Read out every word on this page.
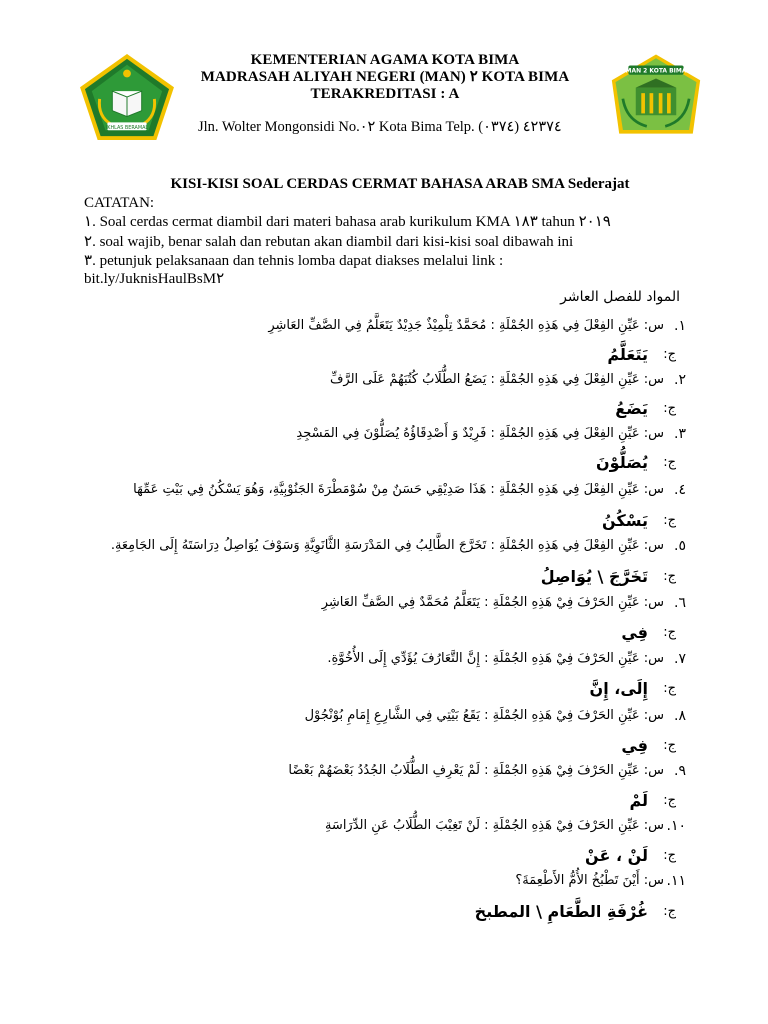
IKHLAS BERAMAL
KEMENTERIAN AGAMA KOTA BIMA
MADRASAH ALIYAH NEGERI (MAN) ٢ KOTA BIMA
TERAKREDITASI : A
Jln. Wolter Mongonsidi No.٠٢ Kota Bima Telp. (٠٣٧٤) ٤٢٣٧٤
MAN 2 KOTA BIMA
KISI-KISI SOAL CERDAS CERMAT BAHASA ARAB SMA Sederajat
CATATAN:
١. Soal cerdas cermat diambil dari materi bahasa arab kurikulum KMA ١٨٣ tahun ٢٠١٩
٢. soal wajib, benar salah dan rebutan akan diambil dari kisi-kisi soal dibawah ini
٣. petunjuk pelaksanaan dan tehnis lomba dapat diakses melalui link :
bit.ly/JuknisHaulBsM٢
المواد للفصل العاشر
١.
س: عَيِّنِ الفِعْلَ فِي هَذِهِ الجُمْلَةِ : مُحَمَّدٌ تِلْمِيْذٌ جَدِيْدٌ يَتَعَلَّمُ فِي الصَّفِّ العَاشِرِ
ج:
يَتَعَلَّمُ
٢.
س: عَيِّنِ الفِعْلَ فِي هَذِهِ الجُمْلَةِ : يَضَعُ الطُّلَابُ كُتُبَهُمْ عَلَى الرَّفِّ
ج:
يَضَعُ
٣.
س: عَيِّنِ الفِعْلَ فِي هَذِهِ الجُمْلَةِ : فَرِيْدٌ وَ أَصْدِقَاؤُهُ يُصَلُّوْنَ فِي المَسْجِدِ
ج:
يُصَلُّوْنَ
٤.
س: عَيِّنِ الفِعْلَ فِي هَذِهِ الجُمْلَةِ : هَذَا صَدِيْقِي حَسَنٌ مِنْ سُوْمَطْرَةَ الجَنُوْبِيَّةِ، وَهُوَ يَسْكُنُ فِي بَيْتِ عَمِّهَا
ج:
يَسْكُنُ
٥.
س: عَيِّنِ الفِعْلَ فِي هَذِهِ الجُمْلَةِ : تَخَرَّجَ الطَّالِبُ فِي المَدْرَسَةِ الثَّانَوِيَّةِ وَسَوْفَ يُوَاصِلُ دِرَاسَتَهُ إِلَى الجَامِعَةِ.
ج:
تَخَرَّجَ \ يُوَاصِلُ
٦.
س: عَيِّنِ الحَرْفَ فِيْ هَذِهِ الجُمْلَةِ : يَتَعَلَّمُ مُحَمَّدٌ فِي الصَّفِّ العَاشِرِ
ج:
فِي
٧.
س: عَيِّنِ الحَرْفَ فِيْ هَذِهِ الجُمْلَةِ : إِنَّ التَّعَارُفَ يُؤَدِّي إِلَى الأُخُوَّةِ.
ج:
إِلَى، إِنَّ
٨.
س: عَيِّنِ الحَرْفَ فِيْ هَذِهِ الجُمْلَةِ : يَقَعُ بَيْتِي فِي الشَّارِعِ إِمَامِ بُوْنْجُوْل
ج:
فِي
٩.
س: عَيِّنِ الحَرْفَ فِيْ هَذِهِ الجُمْلَةِ : لَمْ يَعْرِفِ الطُّلَابُ الجُدُدُ بَعْضَهُمْ بَعْضًا
ج:
لَمْ
١٠.
س: عَيِّنِ الحَرْفَ فِيْ هَذِهِ الجُمْلَةِ : لَنْ تَغِيْبَ الطُّلَابُ عَنِ الدِّرَاسَةِ
ج:
لَنْ ، عَنْ
١١.
س: أَيْنَ تَطْبُخُ الأُمُّ الأَطْعِمَةَ؟
ج:
غُرْفَةِ الطَّعَامِ \ المطبخ
